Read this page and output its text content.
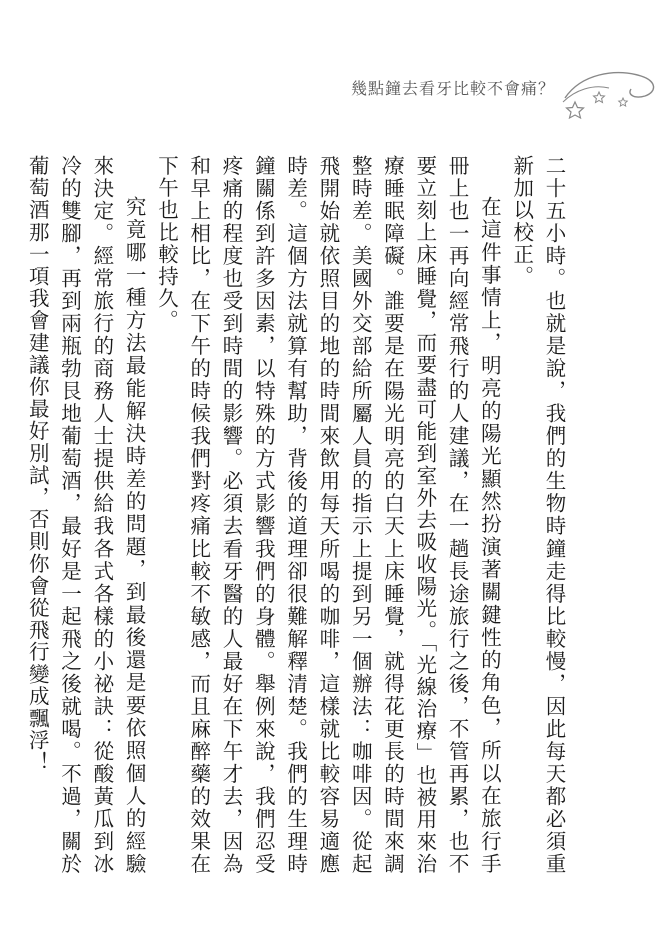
幾點鐘去看牙比較不會痛？

二十五小時。也就是說，我們的生物時鐘走得比較慢，因此每天都必須重新加以校正。

在這件事情上，明亮的陽光顯然扮演著關鍵性的角色，所以在旅行手冊上也一再向經常飛行的人建議，在一趟長途旅行之後，不管再累，也不要立刻上床睡覺，而要盡可能到室外去吸收陽光。「光線治療」也被用來治療睡眠障礙。誰要是在陽光明亮的白天上床睡覺，就得花更長的時間來調整時差。美國外交部給所屬人員的指示上提到另一個辦法：咖啡因。從起飛開始就依照目的地的時間來飲用每天所喝的咖啡，這樣就比較容易適應時差。這個方法就算有幫助，背後的道理卻很難解釋清楚。我們的生理時鐘關係到許多因素，以特殊的方式影響我們的身體。舉例來說，我們忍受疼痛的程度也受到時間的影響。必須去看牙醫的人最好在下午才去，因為和早上相比，在下午的時候我們對疼痛比較不敏感，而且麻醉藥的效果在下午也比較持久。

究竟哪一種方法最能解決時差的問題，到最後還是要依照個人的經驗來決定。經常旅行的商務人士提供給我各式各樣的小祕訣：從酸黃瓜到冰冷的雙腳，再到兩瓶勃艮地葡萄酒，最好是一起飛之後就喝。不過，關於葡萄酒那一項我會建議你最好別試，否則你會從飛行變成飄浮！
